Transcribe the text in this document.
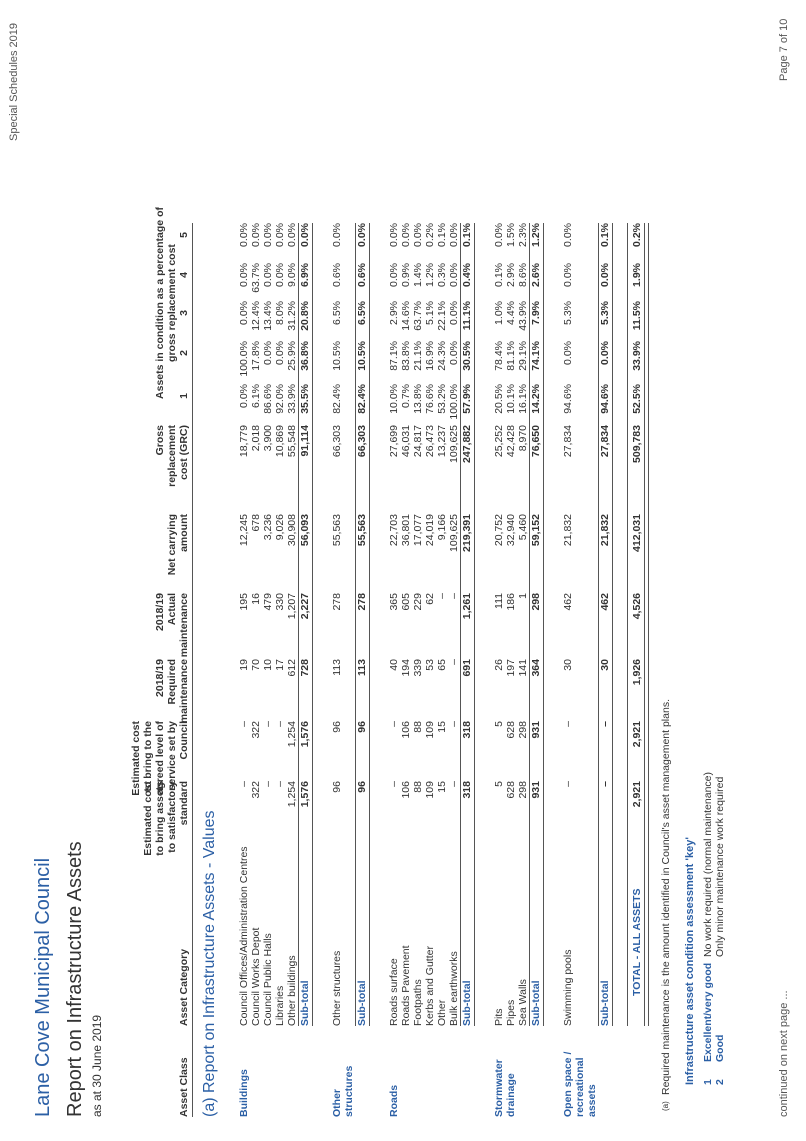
Lane Cove Municipal Council Report on Infrastructure Assets as at 30 June 2019
Special Schedules 2019	Page 7 of 10
continued on next page ...
Asset Class
Asset Category
Estimated cost to bring assets to satisfactory standard
Estimated cost to bring to the agreed level of service set by Council
2018/19 Required maintenance
2018/19 Actual maintenance
Net carrying amount
Gross replacement cost (GRC)
Assets in condition as a percentage of gross replacement cost
1
2
3
4
5
(a) Report on Infrastructure Assets - Values Buildings
Council Offices/Administration Centres
–
–
19
195
12,245
18,779
0.0%
100.0%
0.0%
0.0%
0.0%
Council Works Depot
322
322
70
16
678
2,018
6.1%
17.8%
12.4%
63.7%
0.0%
Council Public Halls
–
–
10
479
3,236
3,900
86.6%
0.0%
13.4%
0.0%
0.0%
Libraries
–
–
17
330
9,026
10,869
92.0%
0.0%
8.0%
0.0%
0.0%
Other buildings
1,254
1,254
612
1,207
30,908
55,548
33.9%
25.9%
31.2%
9.0%
0.0%
Sub-total
1,576
1,576
728
2,227
56,093
91,114
35.5%
36.8%
20.8%
6.9%
0.0%
Other structures
Other structures
96
96
113
278
55,563
66,303
82.4%
10.5%
6.5%
0.6%
0.0%
Sub-total
96
96
113
278
55,563
66,303
82.4%
10.5%
6.5%
0.6%
0.0%
Roads
Roads surface
–
–
40
365
22,703
27,699
10.0%
87.1%
2.9%
0.0%
0.0%
Roads Pavement
106
106
194
605
36,801
46,031
0.7%
83.8%
14.6%
0.9%
0.0%
Footpaths
88
88
339
229
17,077
24,817
13.8%
21.1%
63.7%
1.4%
0.0%
Kerbs and Gutter
109
109
53
62
24,019
26,473
76.6%
16.9%
5.1%
1.2%
0.2%
Other
15
15
65
–
9,166
13,237
53.2%
24.3%
22.1%
0.3%
0.1%
Bulk earthworks
–
–
–
–
109,625
109,625
100.0%
0.0%
0.0%
0.0%
0.0%
Sub-total
318
318
691
1,261
219,391
247,882
57.9%
30.5%
11.1%
0.4%
0.1%
Stormwater drainage
Pits
5
5
26
111
20,752
25,252
20.5%
78.4%
1.0%
0.1%
0.0%
Pipes
628
628
197
186
32,940
42,428
10.1%
81.1%
4.4%
2.9%
1.5%
Sea Walls
298
298
141
1
5,460
8,970
16.1%
29.1%
43.9%
8.6%
2.3%
Sub-total
931
931
364
298
59,152
76,650
14.2%
74.1%
7.9%
2.6%
1.2%
Open space / recreational assets
Swimming pools
–
–
30
462
21,832
27,834
94.6%
0.0%
5.3%
0.0%
0.0%
Sub-total
–
–
30
462
21,832
27,834
94.6%
0.0%
5.3%
0.0%
0.1%
TOTAL - ALL ASSETS
2,921
2,921
1,926
4,526
412,031
509,783
52.5%
33.9%
11.5%
1.9%
0.2%
(a)
Required maintenance is the amount identified in Council's asset management plans. Infrastructure asset condition assessment 'key' 1
Excellent/very good
No work required (normal maintenance)
2
Good
Only minor maintenance work required
